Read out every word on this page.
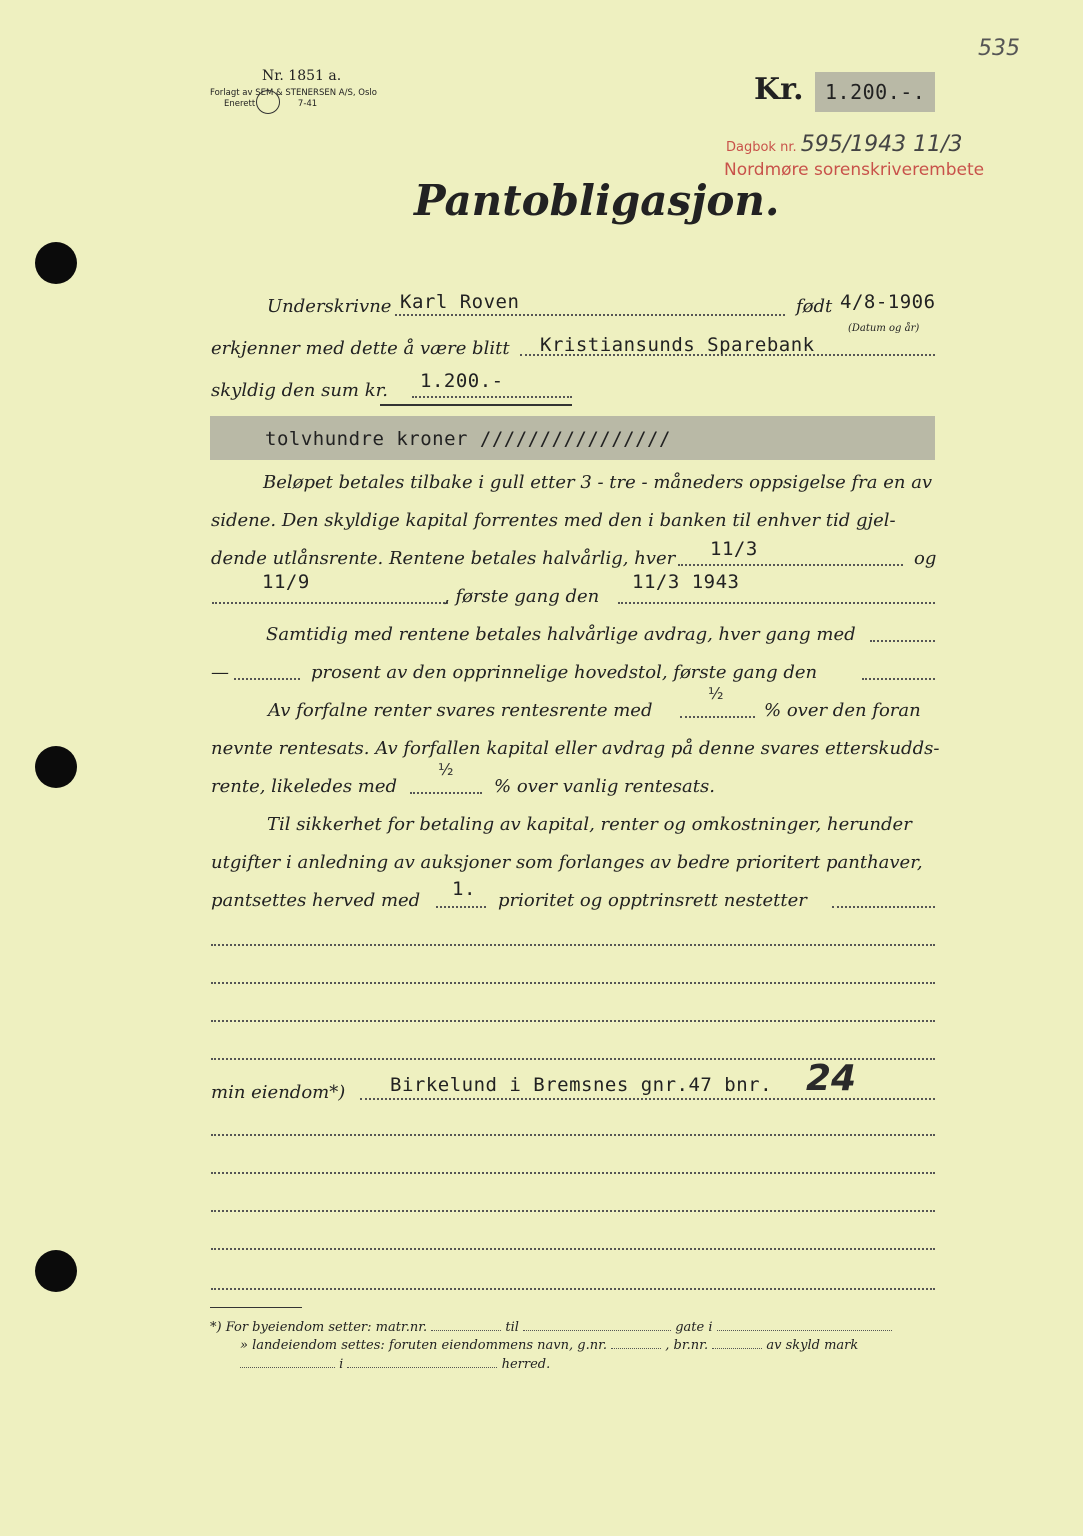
Nr. 1851 a.
Forlagt av SEM & STENERSEN A/S, Oslo
Enerett	7-41
535
Kr. 1.200.-.
Dagbok nr. 595/1943 11/3
Nordmøre sorenskriverembete
Pantobligasjon.
Underskrivne Karl Roven	født 4/8-1906
(Datum og år)
erkjenner med dette å være blitt Kristiansunds Sparebank
skyldig den sum kr. 1.200.-
tolvhundre kroner ////////////////
Beløpet betales tilbake i gull etter 3 - tre - måneders oppsigelse fra en av
sidene. Den skyldige kapital forrentes med den i banken til enhver tid gjel-
dende utlånsrente. Rentene betales halvårlig, hver 11/3	og
11/9
, første gang den
11/3 1943
Samtidig med rentene betales halvårlige avdrag, hver gang med
—	prosent av den opprinnelige hovedstol, første gang den
Av forfalne renter svares rentesrente med
½
% over den foran
nevnte rentesats. Av forfallen kapital eller avdrag på denne svares etterskudds-
rente, likeledes med
½
% over vanlig rentesats.
Til sikkerhet for betaling av kapital, renter og omkostninger, herunder
utgifter i anledning av auksjoner som forlanges av bedre prioritert panthaver,
pantsettes herved med
1.
prioritet og opptrinsrett nestetter
min eiendom*) Birkelund i Bremsnes gnr.47 bnr. 24
*) For byeiendom setter: matr.nr.	til	gate i
» landeiendom settes: foruten eiendommens navn, g.nr.	, br.nr.	av skyld mark
i	herred.
